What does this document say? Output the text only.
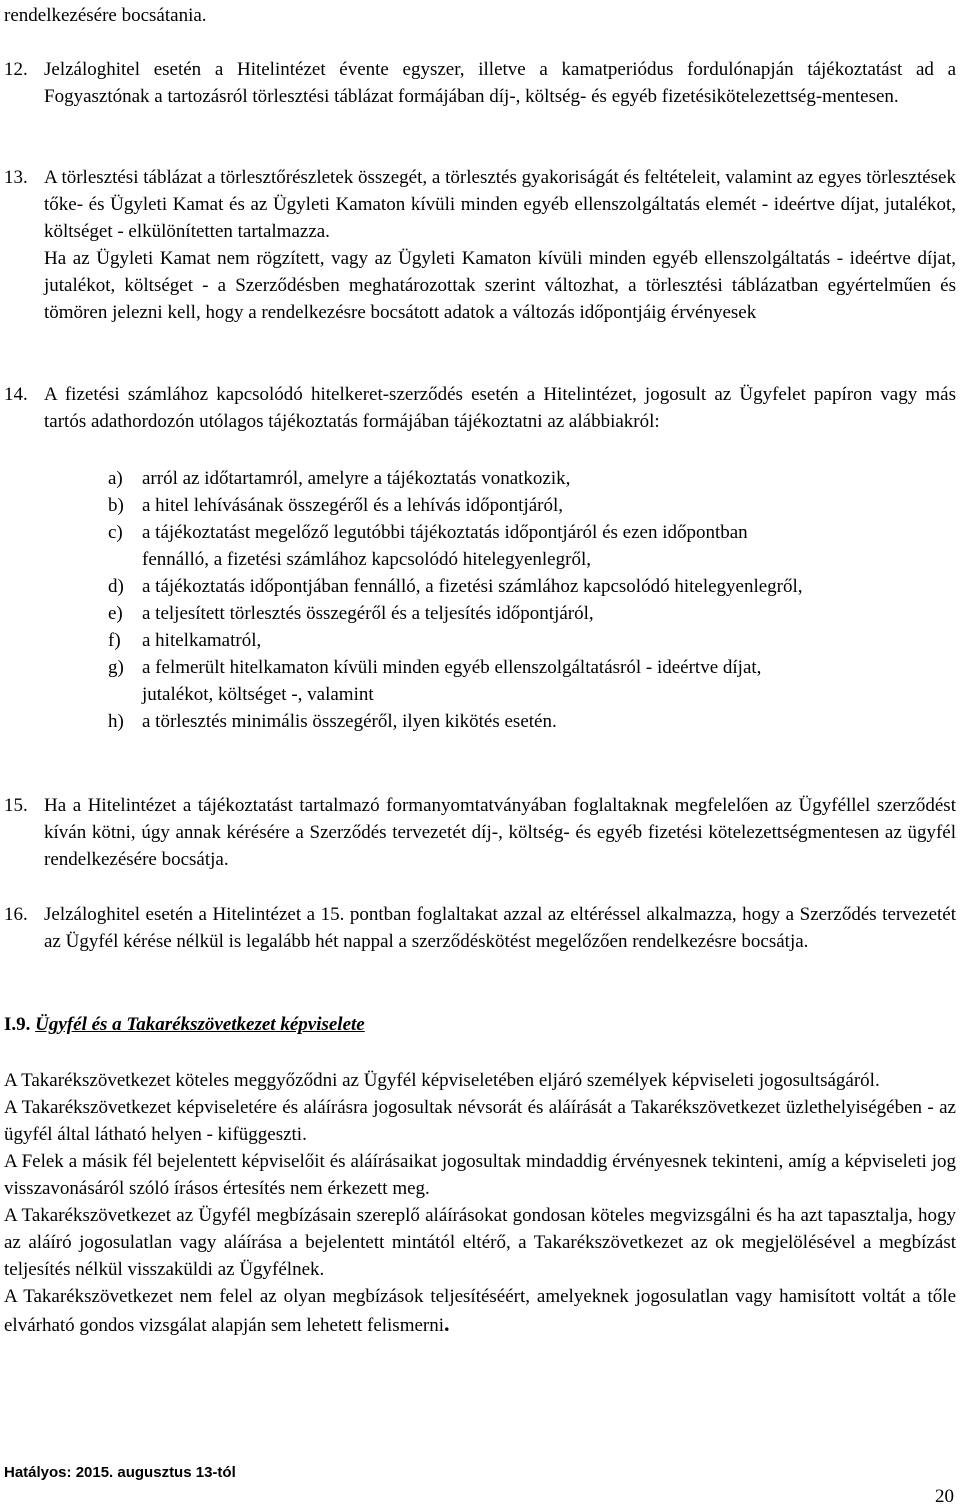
rendelkezésére bocsátania.
12. Jelzáloghitel esetén a Hitelintézet évente egyszer, illetve a kamatperiódus fordulónapján tájékoztatást ad a Fogyasztónak a tartozásról törlesztési táblázat formájában díj-, költség- és egyéb fizetésikötelezettség-mentesen.
13. A törlesztési táblázat a törlesztőrészletek összegét, a törlesztés gyakoriságát és feltételeit, valamint az egyes törlesztések tőke- és Ügyleti Kamat és az Ügyleti Kamaton kívüli minden egyéb ellenszolgáltatás elemét - ideértve díjat, jutalékot, költséget - elkülönítetten tartalmazza.
Ha az Ügyleti Kamat nem rögzített, vagy az Ügyleti Kamaton kívüli minden egyéb ellenszolgáltatás - ideértve díjat, jutalékot, költséget - a Szerződésben meghatározottak szerint változhat, a törlesztési táblázatban egyértelműen és tömören jelezni kell, hogy a rendelkezésre bocsátott adatok a változás időpontjáig érvényesek
14. A fizetési számlához kapcsolódó hitelkeret-szerződés esetén a Hitelintézet, jogosult az Ügyfelet papíron vagy más tartós adathordozón utólagos tájékoztatás formájában tájékoztatni az alábbiakról:
a) arról az időtartamról, amelyre a tájékoztatás vonatkozik,
b) a hitel lehívásának összegéről és a lehívás időpontjáról,
c) a tájékoztatást megelőző legutóbbi tájékoztatás időpontjáról és ezen időpontban fennálló, a fizetési számlához kapcsolódó hitelegyenlegről,
d) a tájékoztatás időpontjában fennálló, a fizetési számlához kapcsolódó hitelegyenlegről,
e) a teljesített törlesztés összegéről és a teljesítés időpontjáról,
f) a hitelkamatról,
g) a felmerült hitelkamaton kívüli minden egyéb ellenszolgáltatásról - ideértve díjat, jutalékot, költséget -, valamint
h) a törlesztés minimális összegéről, ilyen kikötés esetén.
15. Ha a Hitelintézet a tájékoztatást tartalmazó formanyomtatványában foglaltaknak megfelelően az Ügyféllel szerződést kíván kötni, úgy annak kérésére a Szerződés tervezetét díj-, költség- és egyéb fizetési kötelezettségmentesen az ügyfél rendelkezésére bocsátja.
16. Jelzáloghitel esetén a Hitelintézet a 15. pontban foglaltakat azzal az eltéréssel alkalmazza, hogy a Szerződés tervezetét az Ügyfél kérése nélkül is legalább hét nappal a szerződéskötést megelőzően rendelkezésre bocsátja.
I.9. Ügyfél és a Takarékszövetkezet képviselete
A Takarékszövetkezet köteles meggyőződni az Ügyfél képviseletében eljáró személyek képviseleti jogosultságáról.
A Takarékszövetkezet képviseletére és aláírásra jogosultak névsorát és aláírását a Takarékszövetkezet üzlethelyiségében - az ügyfél által látható helyen - kifüggeszti.
A Felek a másik fél bejelentett képviselőit és aláírásaikat jogosultak mindaddig érvényesnek tekinteni, amíg a képviseleti jog visszavonásáról szóló írásos értesítés nem érkezett meg.
A Takarékszövetkezet az Ügyfél megbízásain szereplő aláírásokat gondosan köteles megvizsgálni és ha azt tapasztalja, hogy az aláíró jogosulatlan vagy aláírása a bejelentett mintától eltérő, a Takarékszövetkezet az ok megjelölésével a megbízást teljesítés nélkül visszaküldi az Ügyfélnek.
A Takarékszövetkezet nem felel az olyan megbízások teljesítéséért, amelyeknek jogosulatlan vagy hamisított voltát a tőle elvárható gondos vizsgálat alapján sem lehetett felismerni.
Hatályos: 2015. augusztus 13-tól
20
